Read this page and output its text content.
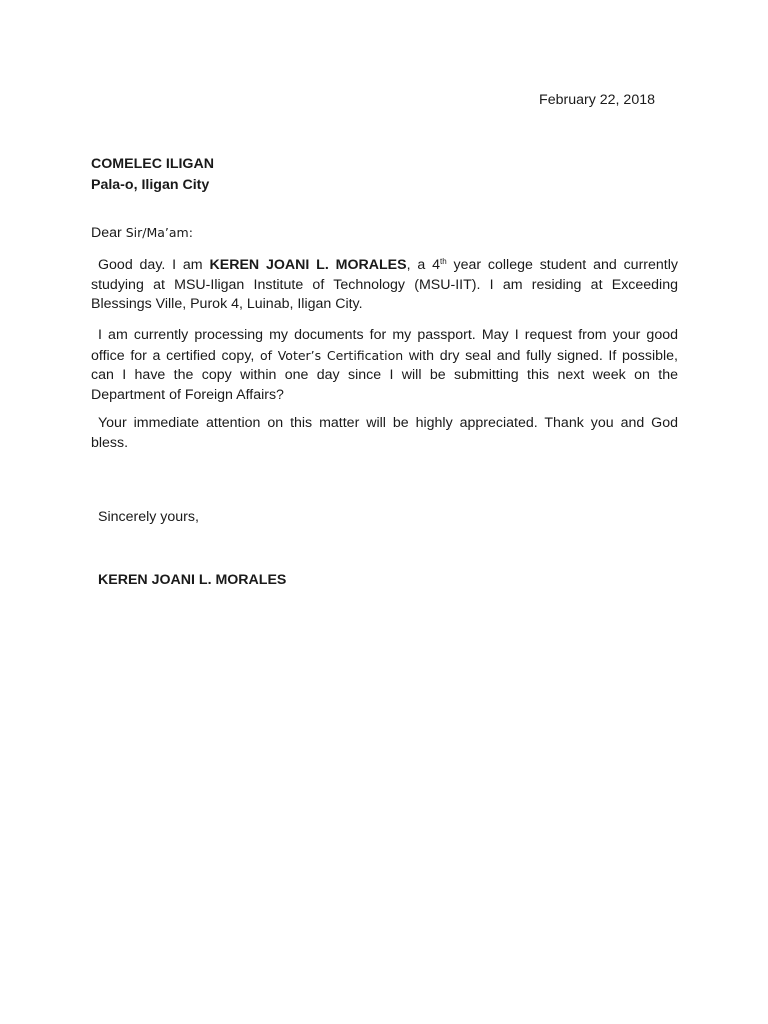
February 22, 2018
COMELEC ILIGAN
Pala-o, Iligan City
Dear Sir/Ma’am:
Good day. I am KEREN JOANI L. MORALES, a 4th year college student and currently studying at MSU-Iligan Institute of Technology (MSU-IIT). I am residing at Exceeding Blessings Ville, Purok 4, Luinab, Iligan City.
I am currently processing my documents for my passport. May I request from your good office for a certified copy, of Voter’s Certification with dry seal and fully signed. If possible, can I have the copy within one day since I will be submitting this next week on the Department of Foreign Affairs?
Your immediate attention on this matter will be highly appreciated. Thank you and God bless.
Sincerely yours,
KEREN JOANI L. MORALES
